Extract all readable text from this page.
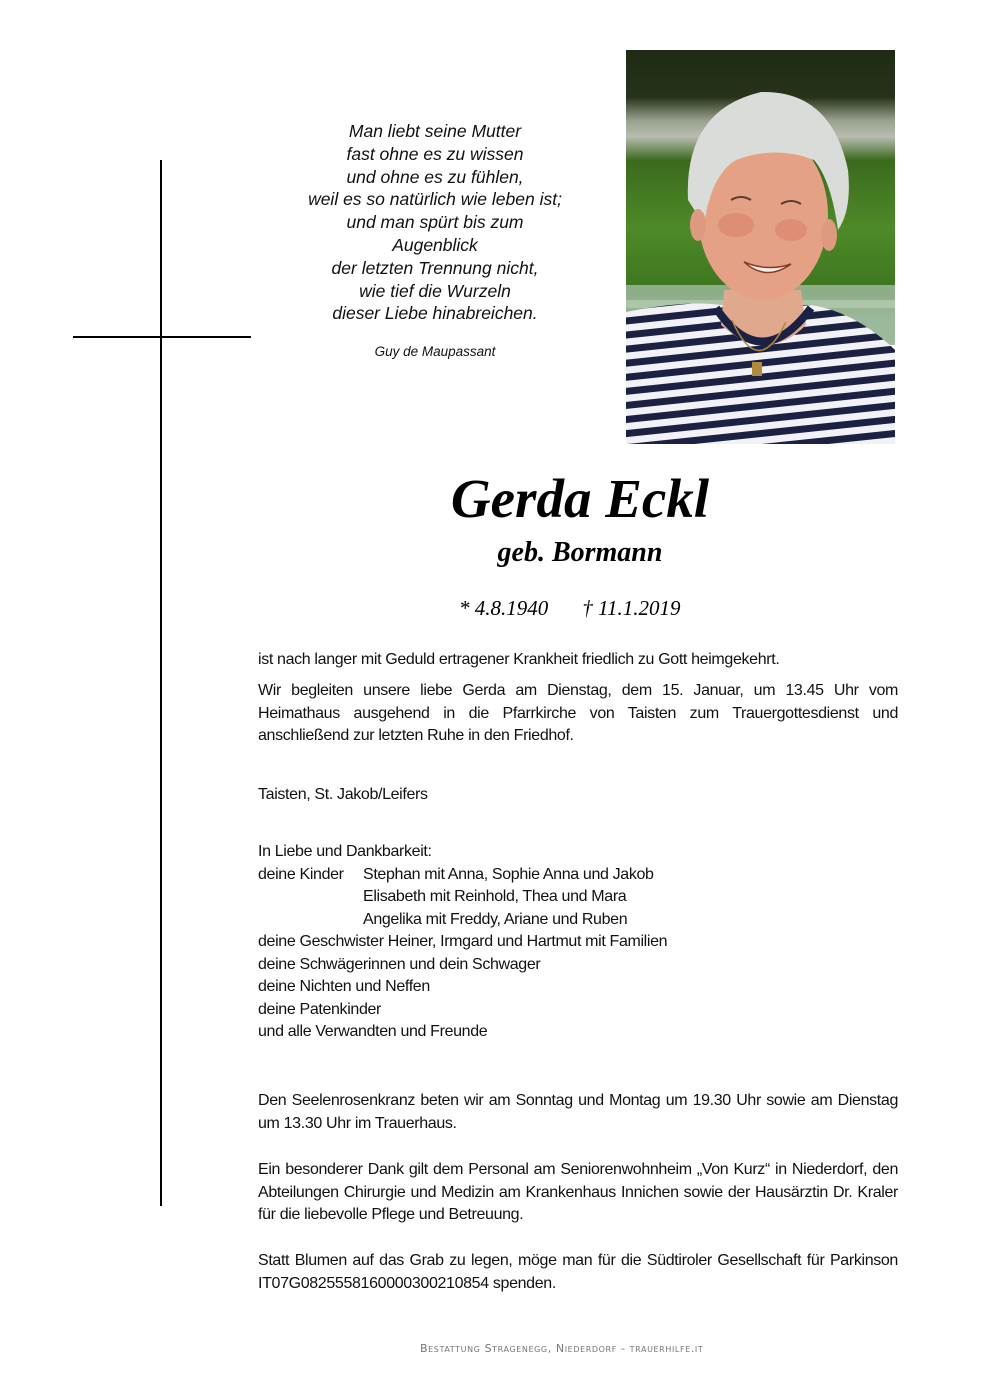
Man liebt seine Mutter
fast ohne es zu wissen
und ohne es zu fühlen,
weil es so natürlich wie leben ist;
und man spürt bis zum
Augenblick
der letzten Trennung nicht,
wie tief die Wurzeln
dieser Liebe hinabreichen.
Guy de Maupassant
Gerda Eckl
geb. Bormann
* 4.8.1940 † 11.1.2019
ist nach langer mit Geduld ertragener Krankheit friedlich zu Gott heimgekehrt.
Wir begleiten unsere liebe Gerda am Dienstag, dem 15. Januar, um 13.45 Uhr vom Heimathaus ausgehend in die Pfarrkirche von Taisten zum Trauergottesdienst und anschließend zur letzten Ruhe in den Friedhof.
Taisten, St. Jakob/Leifers
In Liebe und Dankbarkeit:
deine Kinder Stephan mit Anna, Sophie Anna und Jakob
Elisabeth mit Reinhold, Thea und Mara
Angelika mit Freddy, Ariane und Ruben
deine Geschwister Heiner, Irmgard und Hartmut mit Familien
deine Schwägerinnen und dein Schwager
deine Nichten und Neffen
deine Patenkinder
und alle Verwandten und Freunde
Den Seelenrosenkranz beten wir am Sonntag und Montag um 19.30 Uhr sowie am Dienstag um 13.30 Uhr im Trauerhaus.
Ein besonderer Dank gilt dem Personal am Seniorenwohnheim „Von Kurz“ in Niederdorf, den Abteilungen Chirurgie und Medizin am Krankenhaus Innichen sowie der Hausärztin Dr. Kraler für die liebevolle Pflege und Betreuung.
Statt Blumen auf das Grab zu legen, möge man für die Südtiroler Gesellschaft für Parkinson IT07G0825558160000300210854 spenden.
Bestattung Stragenegg, Niederdorf - trauerhilfe.it
